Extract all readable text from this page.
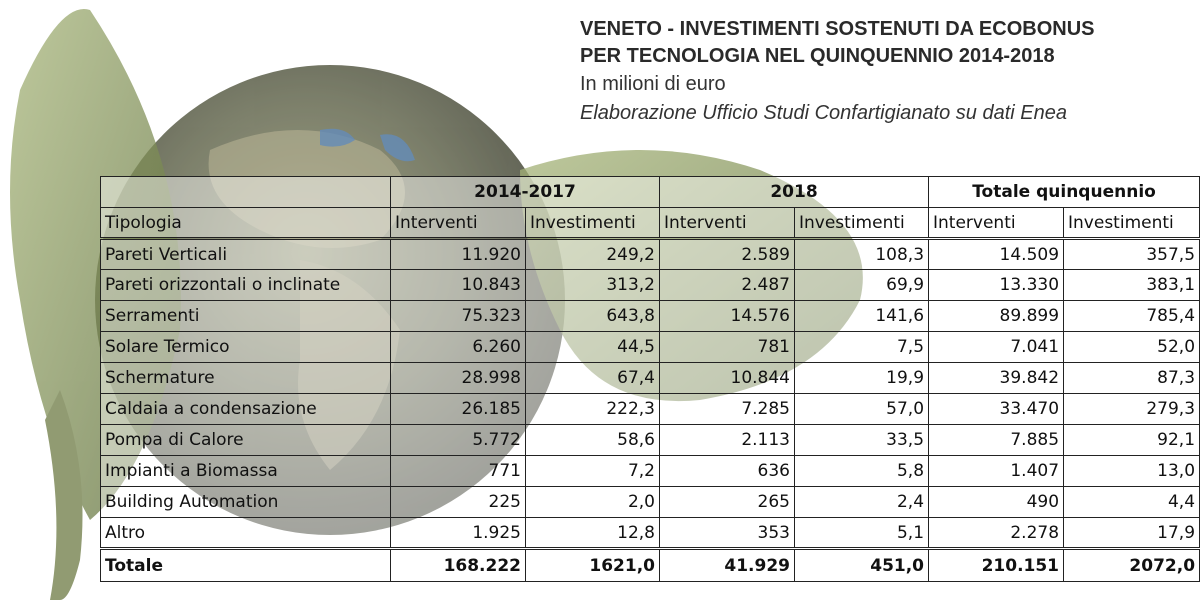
VENETO - INVESTIMENTI SOSTENUTI DA ECOBONUS
PER TECNOLOGIA NEL QUINQUENNIO 2014-2018
In milioni di euro
Elaborazione Ufficio Studi Confartigianato su dati Enea
	2014-2017		2018		Totale quinquennio	
Tipologia	Interventi	Investimenti	Interventi	Investimenti	Interventi	Investimenti
Pareti Verticali	11.920	249,2	2.589	108,3	14.509	357,5
Pareti orizzontali o inclinate	10.843	313,2	2.487	69,9	13.330	383,1
Serramenti	75.323	643,8	14.576	141,6	89.899	785,4
Solare Termico	6.260	44,5	781	7,5	7.041	52,0
Schermature	28.998	67,4	10.844	19,9	39.842	87,3
Caldaia a condensazione	26.185	222,3	7.285	57,0	33.470	279,3
Pompa di Calore	5.772	58,6	2.113	33,5	7.885	92,1
Impianti a Biomassa	771	7,2	636	5,8	1.407	13,0
Building Automation	225	2,0	265	2,4	490	4,4
Altro	1.925	12,8	353	5,1	2.278	17,9
Totale	168.222	1621,0	41.929	451,0	210.151	2072,0
